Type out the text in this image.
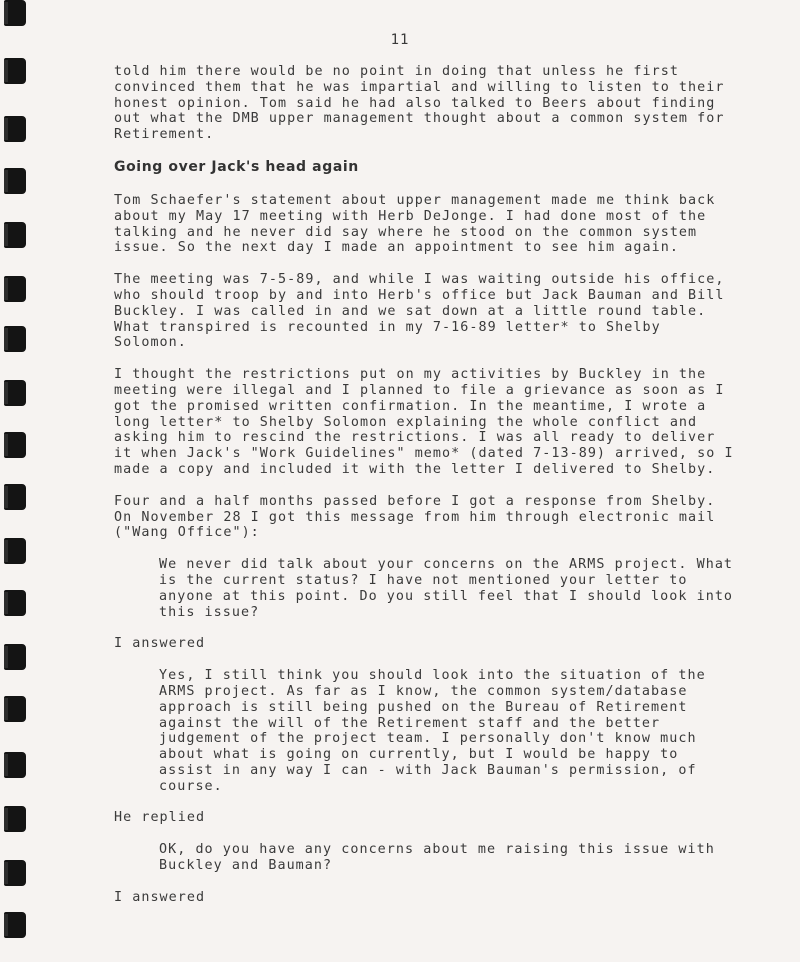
11

told him there would be no point in doing that unless he first convinced them that he was impartial and willing to listen to their honest opinion. Tom said he had also talked to Beers about finding out what the DMB upper management thought about a common system for Retirement.

Going over Jack's head again

Tom Schaefer's statement about upper management made me think back about my May 17 meeting with Herb DeJonge. I had done most of the talking and he never did say where he stood on the common system issue. So the next day I made an appointment to see him again.

The meeting was 7-5-89, and while I was waiting outside his office, who should troop by and into Herb's office but Jack Bauman and Bill Buckley. I was called in and we sat down at a little round table. What transpired is recounted in my 7-16-89 letter* to Shelby Solomon.

I thought the restrictions put on my activities by Buckley in the meeting were illegal and I planned to file a grievance as soon as I got the promised written confirmation. In the meantime, I wrote a long letter* to Shelby Solomon explaining the whole conflict and asking him to rescind the restrictions. I was all ready to deliver it when Jack's "Work Guidelines" memo* (dated 7-13-89) arrived, so I made a copy and included it with the letter I delivered to Shelby.

Four and a half months passed before I got a response from Shelby. On November 28 I got this message from him through electronic mail ("Wang Office"):

We never did talk about your concerns on the ARMS project. What is the current status? I have not mentioned your letter to anyone at this point. Do you still feel that I should look into this issue?

I answered

Yes, I still think you should look into the situation of the ARMS project. As far as I know, the common system/database approach is still being pushed on the Bureau of Retirement against the will of the Retirement staff and the better judgement of the project team. I personally don't know much about what is going on currently, but I would be happy to assist in any way I can - with Jack Bauman's permission, of course.

He replied

OK, do you have any concerns about me raising this issue with Buckley and Bauman?

I answered
